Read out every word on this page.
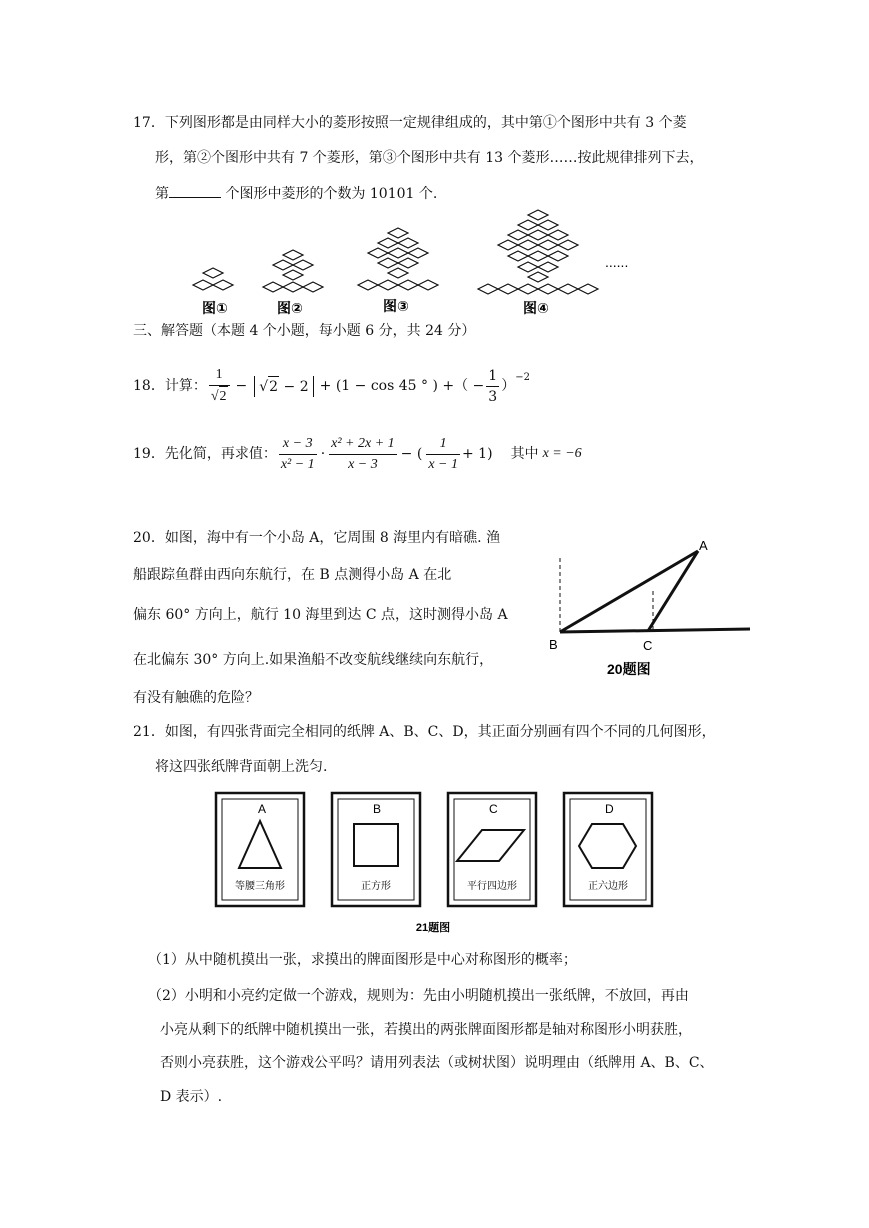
17．下列图形都是由同样大小的菱形按照一定规律组成的，其中第①个图形中共有 3 个菱
形，第②个图形中共有 7 个菱形，第③个图形中共有 13 个菱形……按此规律排列下去，
第	个图形中菱形的个数为 10101 个.
......
图①	图②	图③	图④
三、解答题（本题 4 个小题，每小题 6 分，共 24 分）
18．计算： $\frac{1}{√2} - √2 - 2 + (1 - \cos 45$ ° ) +（ − $\frac{1}{3}$ ）
−2
19．先化简，再求值： $\frac{x - 3}{\text{x² − 1}} \cdot \frac{\text{x² + 2x + 1}}{x - 3}$ − ( $\frac{1}{x - 1} + 1$) 其中 x = −6
20．如图，海中有一个小岛 A，它周围 8 海里内有暗礁. 渔
船跟踪鱼群由西向东航行，在 B 点测得小岛 A 在北
偏东 60° 方向上，航行 10 海里到达 C 点，这时测得小岛 A
在北偏东 30° 方向上.如果渔船不改变航线继续向东航行，
有没有触礁的危险？
A
B	C
20题图
21．如图，有四张背面完全相同的纸牌 A、B、C、D，其正面分别画有四个不同的几何图形，
将这四张纸牌背面朝上洗匀.
A
等腰三角形
B
正方形
C
平行四边形
D
正六边形
21题图
（1）从中随机摸出一张，求摸出的牌面图形是中心对称图形的概率；
（2）小明和小亮约定做一个游戏，规则为：先由小明随机摸出一张纸牌，不放回，再由
小亮从剩下的纸牌中随机摸出一张，若摸出的两张牌面图形都是轴对称图形小明获胜，
否则小亮获胜，这个游戏公平吗？请用列表法（或树状图）说明理由（纸牌用 A、B、C、
D 表示）.
